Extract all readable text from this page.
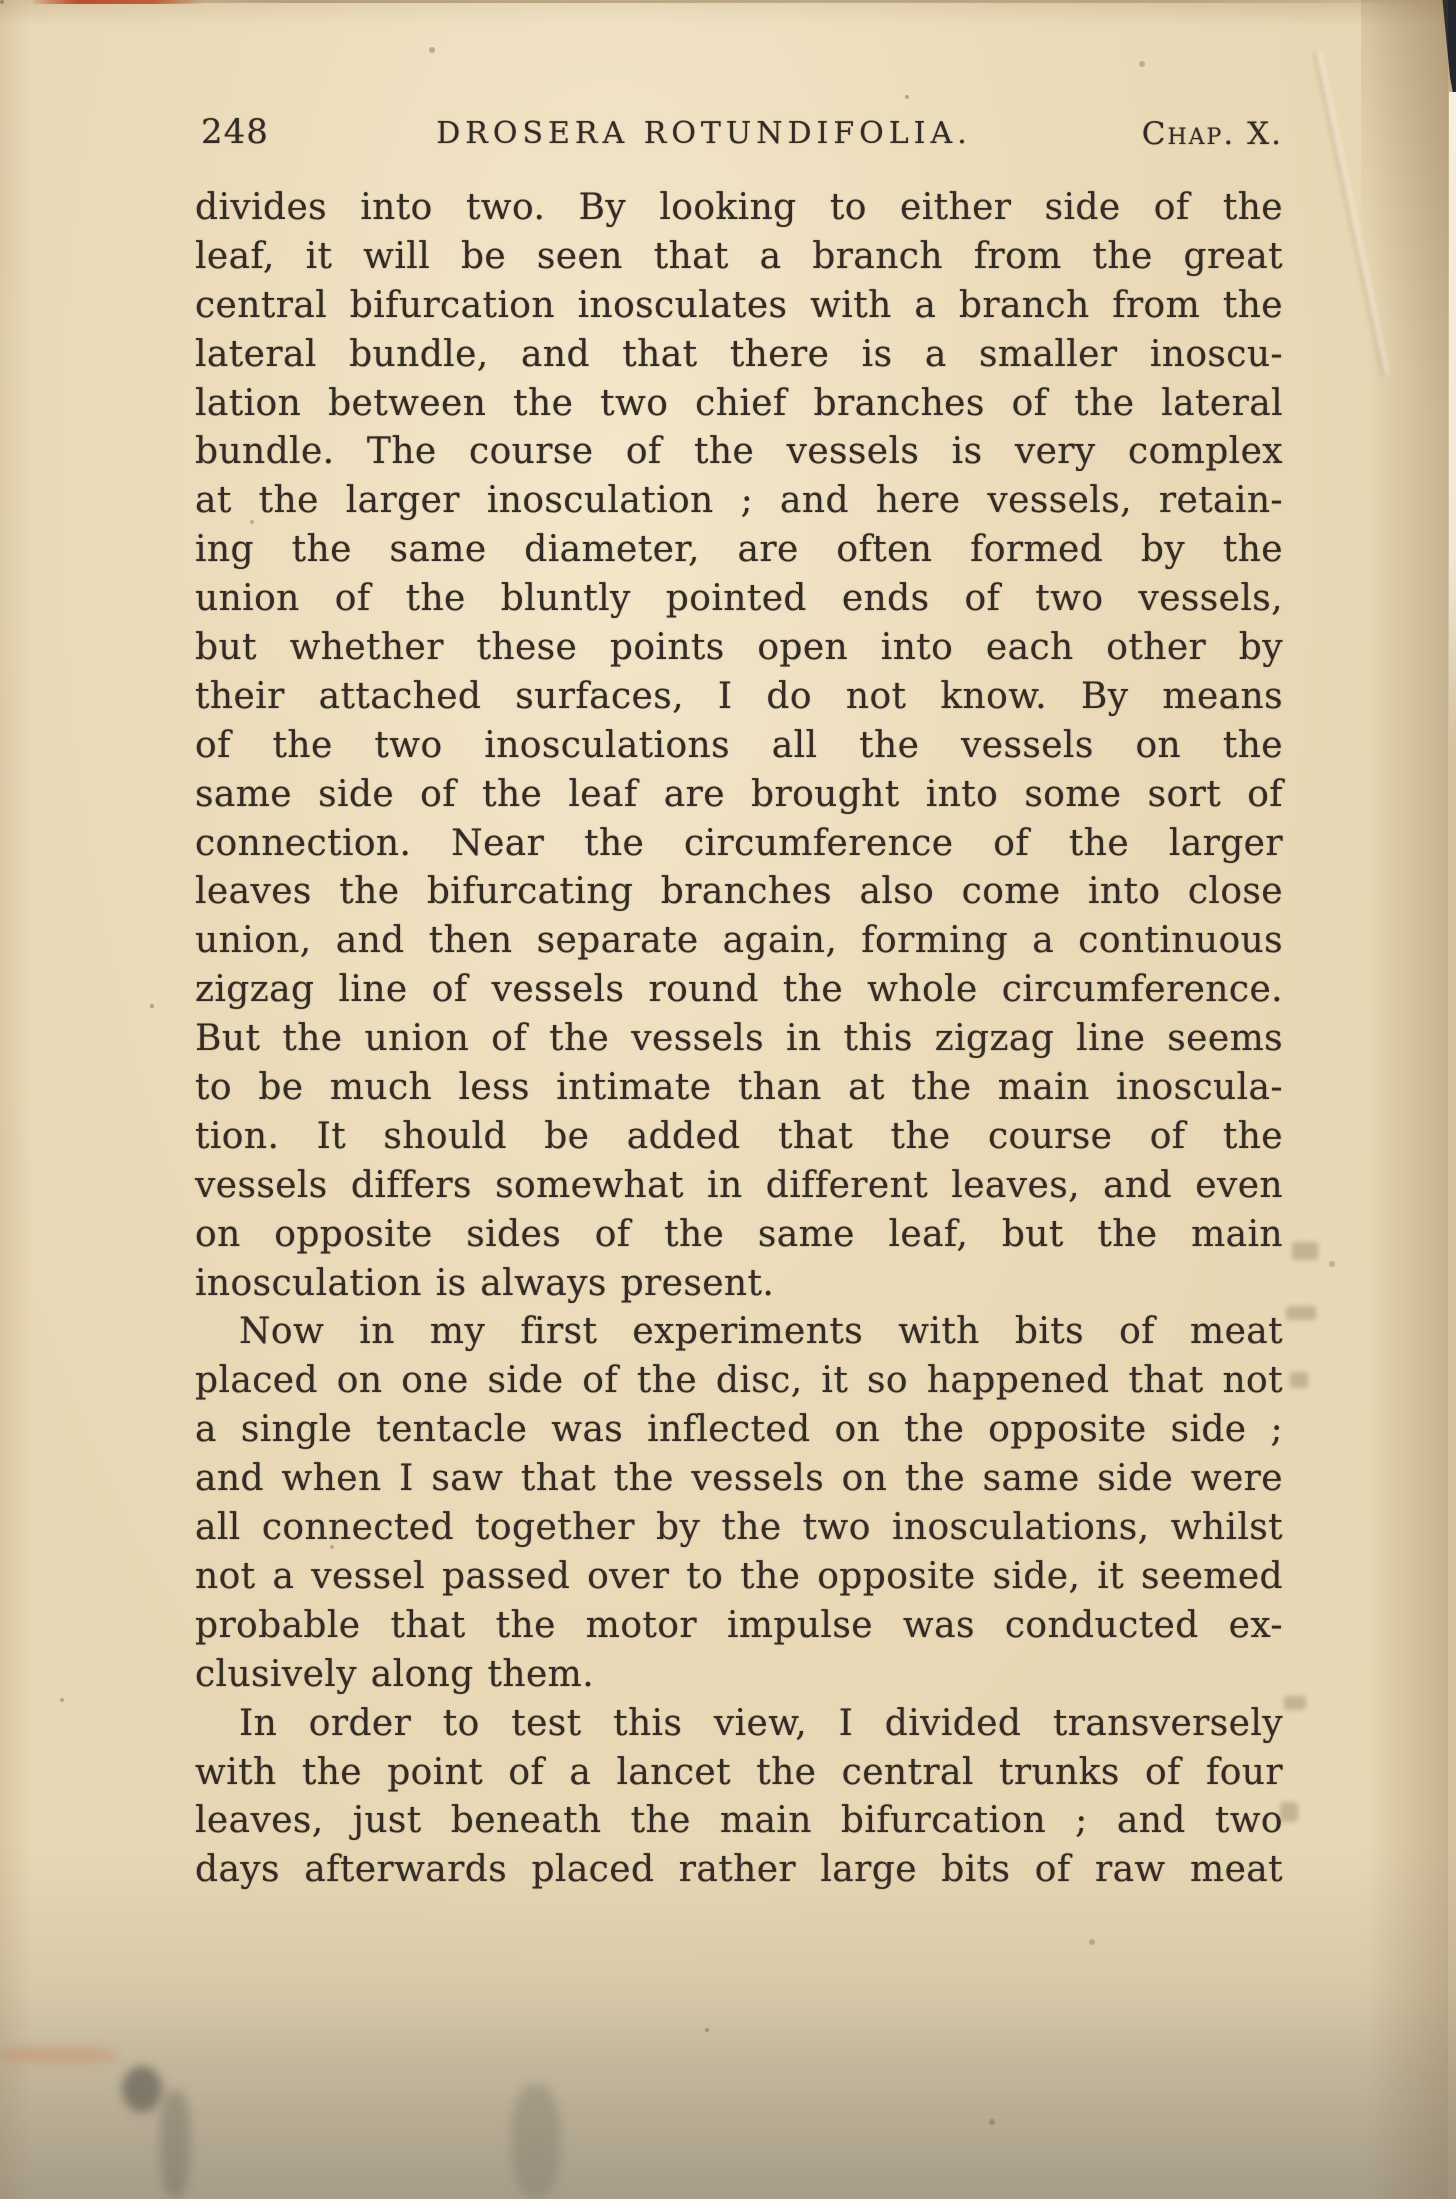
248	DROSERA ROTUNDIFOLIA.	Chap. X.
divides into two. By looking to either side of the
leaf, it will be seen that a branch from the great
central bifurcation inosculates with a branch from the
lateral bundle, and that there is a smaller inoscu-
lation between the two chief branches of the lateral
bundle. The course of the vessels is very complex
at the larger inosculation ; and here vessels, retain-
ing the same diameter, are often formed by the
union of the bluntly pointed ends of two vessels,
but whether these points open into each other by
their attached surfaces, I do not know. By means
of the two inosculations all the vessels on the
same side of the leaf are brought into some sort of
connection. Near the circumference of the larger
leaves the bifurcating branches also come into close
union, and then separate again, forming a continuous
zigzag line of vessels round the whole circumference.
But the union of the vessels in this zigzag line seems
to be much less intimate than at the main inoscula-
tion. It should be added that the course of the
vessels differs somewhat in different leaves, and even
on opposite sides of the same leaf, but the main
inosculation is always present.
Now in my first experiments with bits of meat
placed on one side of the disc, it so happened that not
a single tentacle was inflected on the opposite side ;
and when I saw that the vessels on the same side were
all connected together by the two inosculations, whilst
not a vessel passed over to the opposite side, it seemed
probable that the motor impulse was conducted ex-
clusively along them.
In order to test this view, I divided transversely
with the point of a lancet the central trunks of four
leaves, just beneath the main bifurcation ; and two
days afterwards placed rather large bits of raw meat
